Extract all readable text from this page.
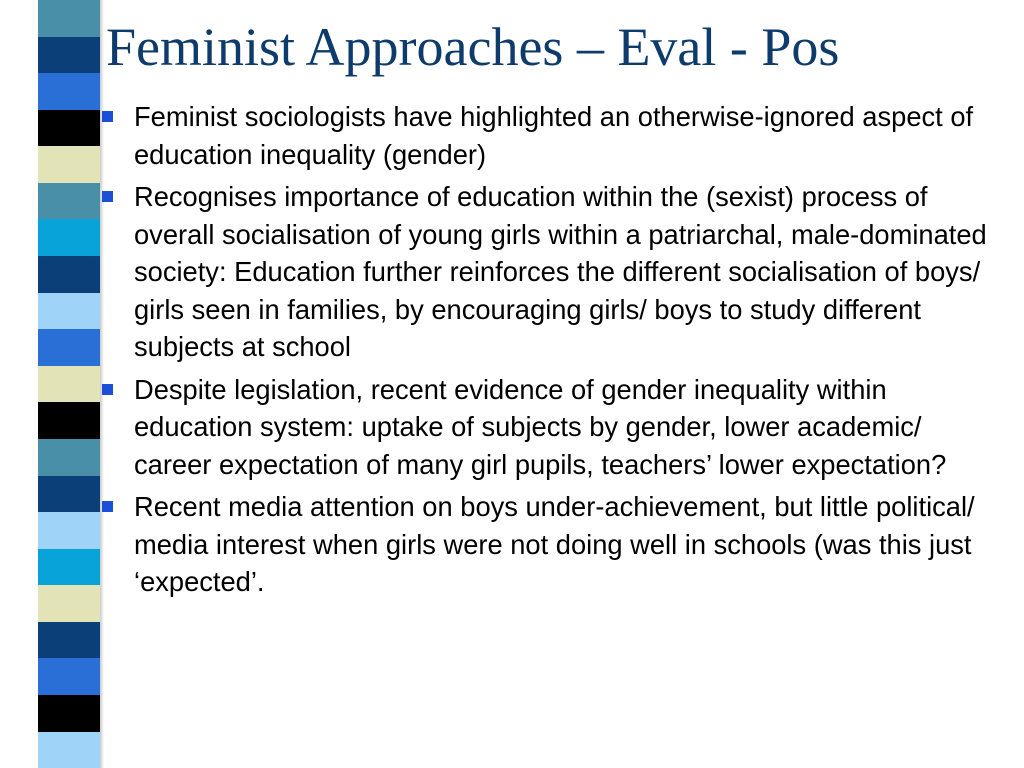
Feminist Approaches – Eval - Pos
Feminist sociologists have highlighted an otherwise-ignored aspect of education inequality (gender)
Recognises importance of education within the (sexist) process of overall socialisation of young girls within a patriarchal, male-dominated society: Education further reinforces the different socialisation of boys/ girls seen in families, by encouraging girls/ boys to study different subjects at school
Despite legislation, recent evidence of gender inequality within education system: uptake of subjects by gender, lower academic/ career expectation of many girl pupils, teachers’ lower expectation?
Recent media attention on boys under-achievement, but little political/ media interest when girls were not doing well in schools (was this just ‘expected’.
